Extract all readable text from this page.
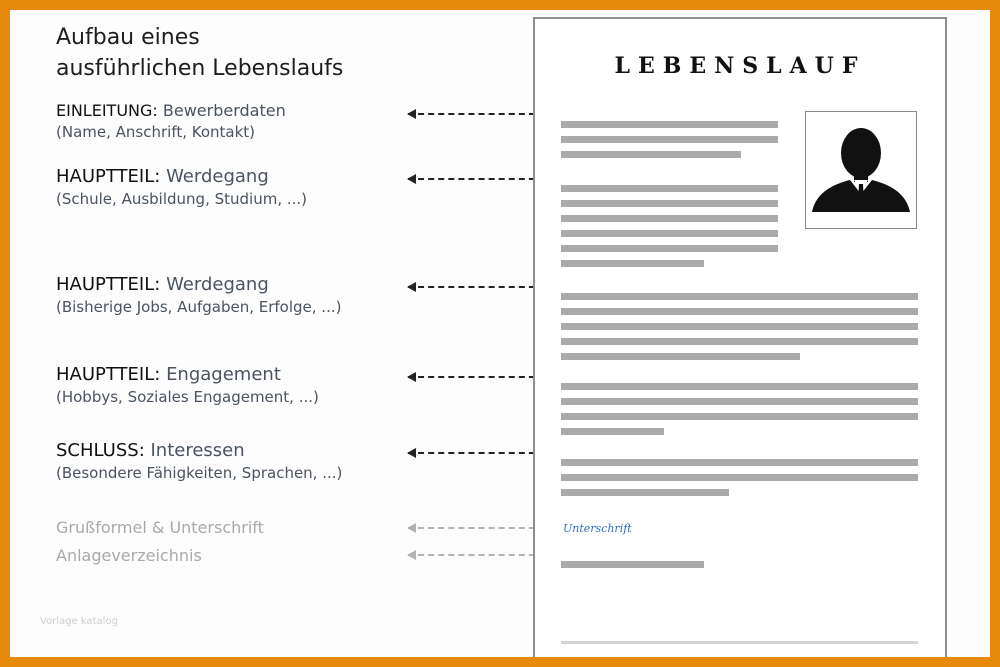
Aufbau eines
ausführlichen Lebenslaufs
EINLEITUNG: Bewerberdaten
(Name, Anschrift, Kontakt)
HAUPTTEIL: Werdegang
(Schule, Ausbildung, Studium, ...)
HAUPTTEIL: Werdegang
(Bisherige Jobs, Aufgaben, Erfolge, ...)
HAUPTTEIL: Engagement
(Hobbys, Soziales Engagement, ...)
SCHLUSS: Interessen
(Besondere Fähigkeiten, Sprachen, ...)
Grußformel & Unterschrift
Anlageverzeichnis
LEBENSLAUF
Unterschrift
Vorlage katalog
